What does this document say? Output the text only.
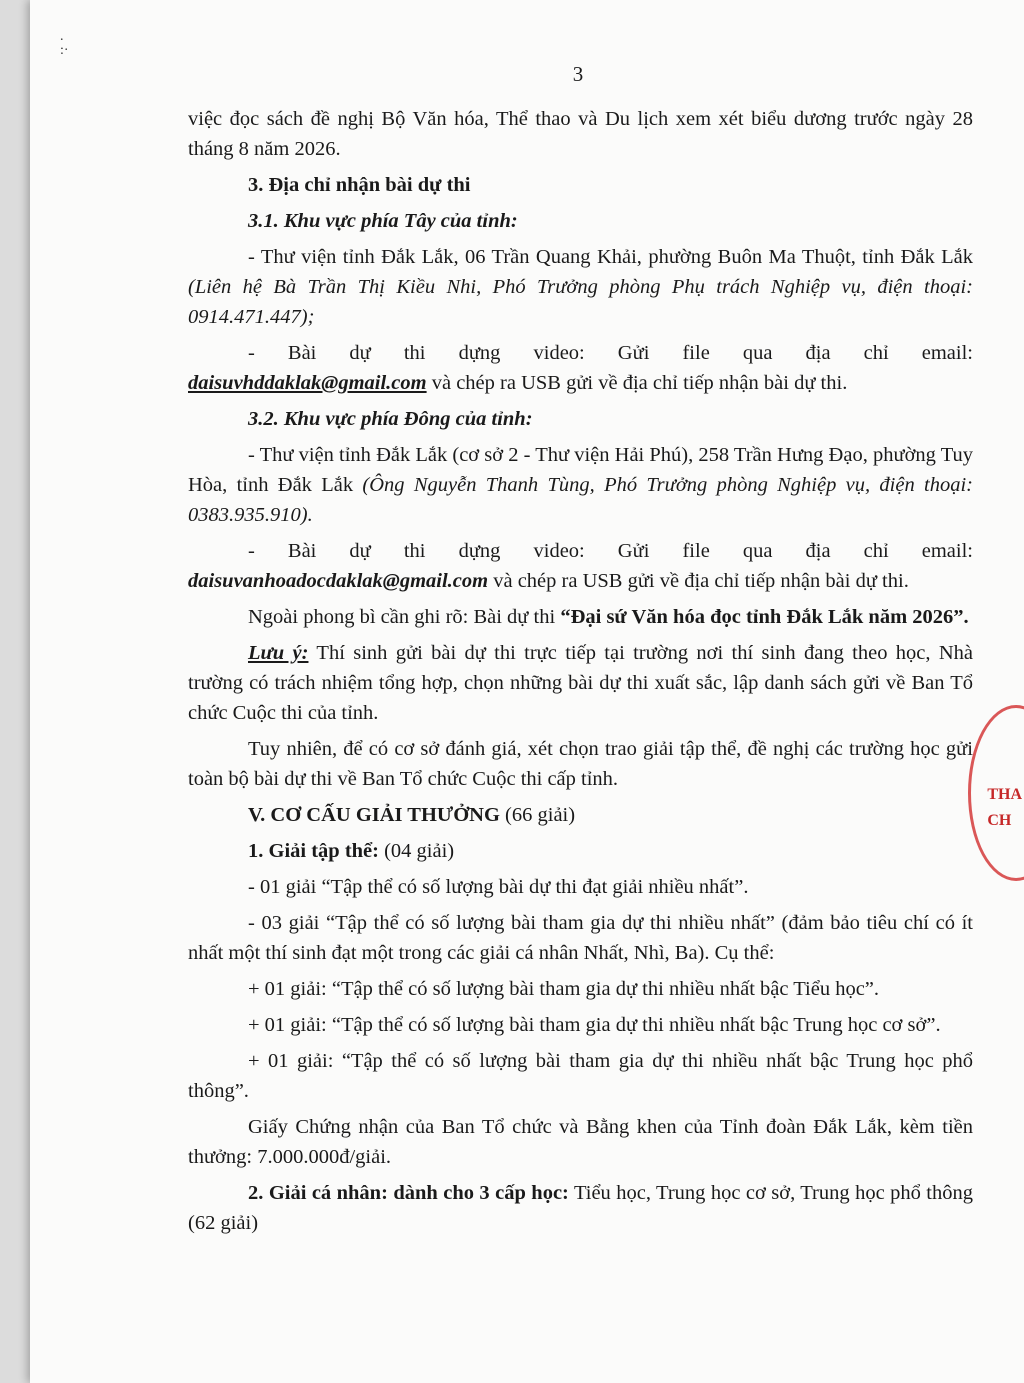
.
:·
3

việc đọc sách đề nghị Bộ Văn hóa, Thể thao và Du lịch xem xét biểu dương trước ngày 28 tháng 8 năm 2026.

3. Địa chỉ nhận bài dự thi

3.1. Khu vực phía Tây của tỉnh:

- Thư viện tỉnh Đắk Lắk, 06 Trần Quang Khải, phường Buôn Ma Thuột, tỉnh Đắk Lắk (Liên hệ Bà Trần Thị Kiều Nhi, Phó Trưởng phòng Phụ trách Nghiệp vụ, điện thoại: 0914.471.447);

- Bài dự thi dựng video: Gửi file qua địa chỉ email:

daisuvhddaklak@gmail.com và chép ra USB gửi về địa chỉ tiếp nhận bài dự thi.

3.2. Khu vực phía Đông của tỉnh:

- Thư viện tỉnh Đắk Lắk (cơ sở 2 - Thư viện Hải Phú), 258 Trần Hưng Đạo, phường Tuy Hòa, tỉnh Đắk Lắk (Ông Nguyễn Thanh Tùng, Phó Trưởng phòng Nghiệp vụ, điện thoại: 0383.935.910).

- Bài dự thi dựng video: Gửi file qua địa chỉ email:

daisuvanhoadocdaklak@gmail.com và chép ra USB gửi về địa chỉ tiếp nhận bài dự thi.

Ngoài phong bì cần ghi rõ: Bài dự thi “Đại sứ Văn hóa đọc tỉnh Đắk Lắk năm 2026”.

Lưu ý: Thí sinh gửi bài dự thi trực tiếp tại trường nơi thí sinh đang theo học, Nhà trường có trách nhiệm tổng hợp, chọn những bài dự thi xuất sắc, lập danh sách gửi về Ban Tổ chức Cuộc thi của tỉnh.

Tuy nhiên, để có cơ sở đánh giá, xét chọn trao giải tập thể, đề nghị các trường học gửi toàn bộ bài dự thi về Ban Tổ chức Cuộc thi cấp tỉnh.

V. CƠ CẤU GIẢI THƯỞNG (66 giải)

1. Giải tập thể: (04 giải)

- 01 giải “Tập thể có số lượng bài dự thi đạt giải nhiều nhất”.

- 03 giải “Tập thể có số lượng bài tham gia dự thi nhiều nhất” (đảm bảo tiêu chí có ít nhất một thí sinh đạt một trong các giải cá nhân Nhất, Nhì, Ba). Cụ thể:

+ 01 giải: “Tập thể có số lượng bài tham gia dự thi nhiều nhất bậc Tiểu học”.

+ 01 giải: “Tập thể có số lượng bài tham gia dự thi nhiều nhất bậc Trung học cơ sở”.

+ 01 giải: “Tập thể có số lượng bài tham gia dự thi nhiều nhất bậc Trung học phổ thông”.

Giấy Chứng nhận của Ban Tổ chức và Bằng khen của Tỉnh đoàn Đắk Lắk, kèm tiền thưởng: 7.000.000đ/giải.

2. Giải cá nhân: dành cho 3 cấp học: Tiểu học, Trung học cơ sở, Trung học phổ thông (62 giải)

THA
CH
